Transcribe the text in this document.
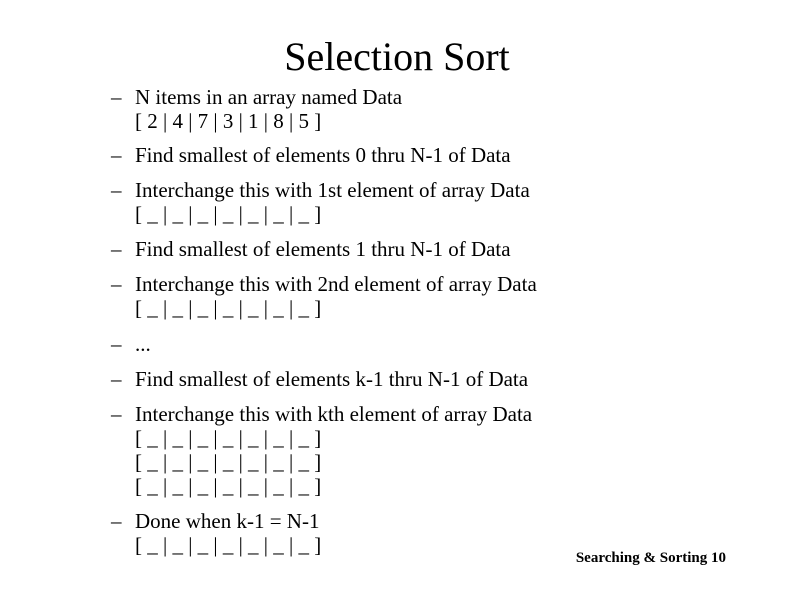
Selection Sort
– N items in an array named Data
[ 2 | 4 | 7 | 3 | 1 | 8 | 5 ]
– Find smallest of elements 0 thru N-1 of Data
– Interchange this with 1st element of array Data
[ _ | _ | _ | _ | _ | _ | _ ]
– Find smallest of elements 1 thru N-1 of Data
– Interchange this with 2nd element of array Data
[ _ | _ | _ | _ | _ | _ | _ ]
– ...
– Find smallest of elements k-1 thru N-1 of Data
– Interchange this with kth element of array Data
[ _ | _ | _ | _ | _ | _ | _ ]
[ _ | _ | _ | _ | _ | _ | _ ]
[ _ | _ | _ | _ | _ | _ | _ ]
– Done when k-1 = N-1
[ _ | _ | _ | _ | _ | _ | _ ]
Searching & Sorting 10
